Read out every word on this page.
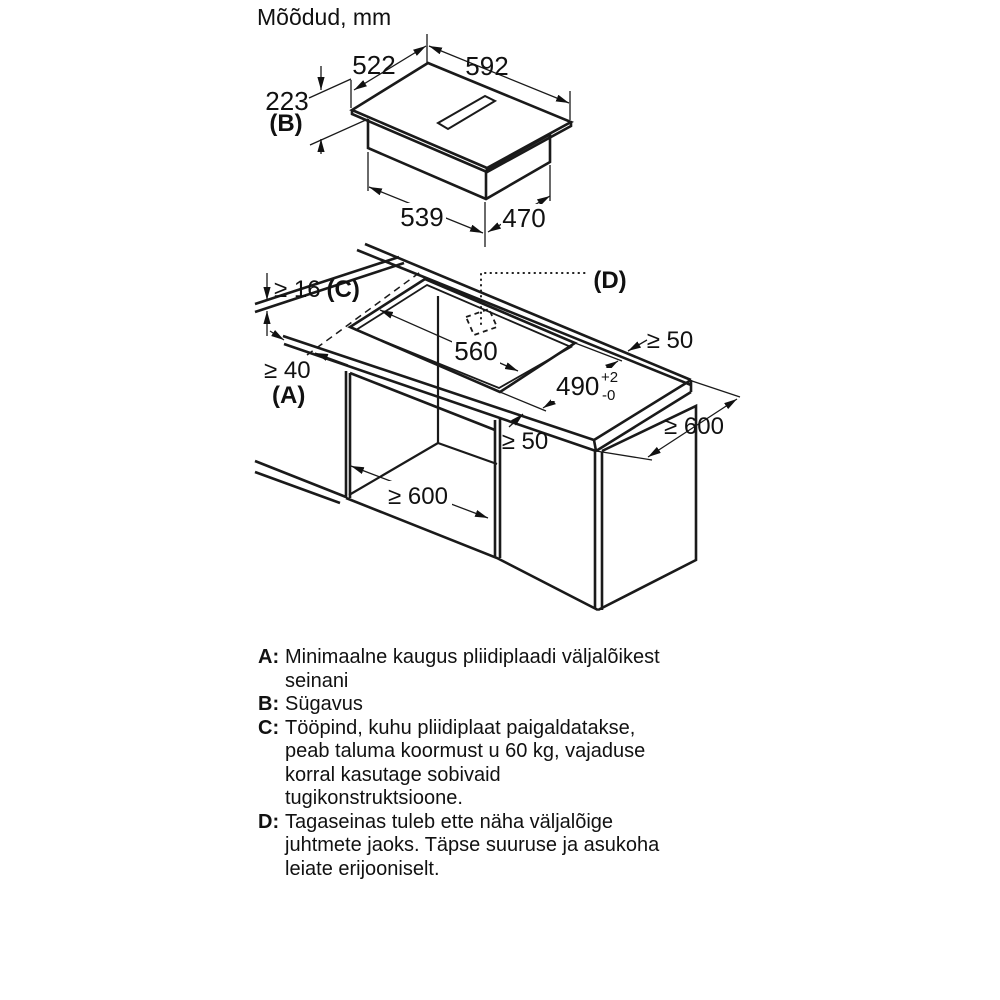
Mõõdud, mm
522	592
223
(B)
539 470
≥ 16 (C)
≥ 40
(A)
560
490 +2
-0
(D)
≥ 50
≥ 50
≥ 600
≥ 600
A: Minimaalne kaugus pliidiplaadi väljalõikest seinani
B: Sügavus
C: Tööpind, kuhu pliidiplaat paigaldatakse, peab taluma koormust u 60 kg, vajaduse korral kasutage sobivaid tugikonstruktsioone.
D: Tagaseinas tuleb ette näha väljalõige juhtmete jaoks. Täpse suuruse ja asukoha leiate erijooniselt.
